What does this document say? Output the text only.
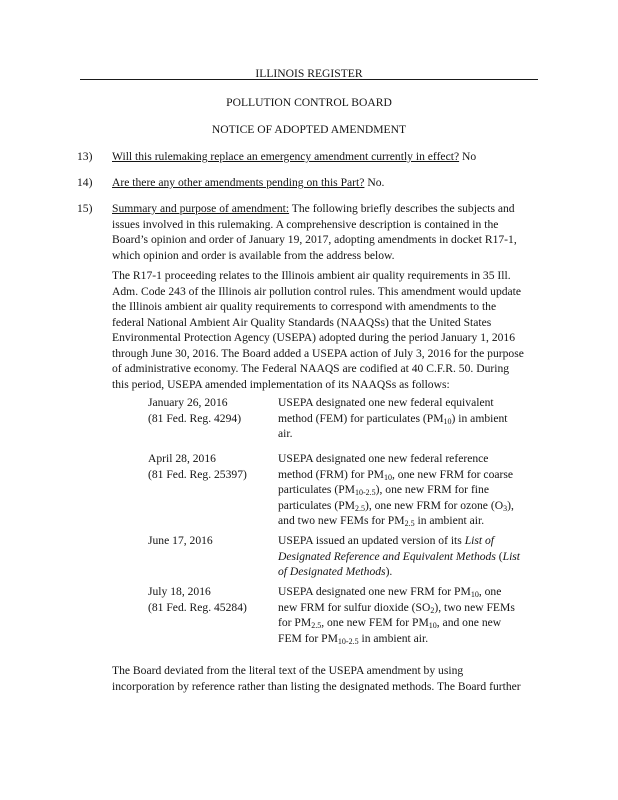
ILLINOIS REGISTER
POLLUTION CONTROL BOARD
NOTICE OF ADOPTED AMENDMENT
13) Will this rulemaking replace an emergency amendment currently in effect? No
14) Are there any other amendments pending on this Part? No.
15) Summary and purpose of amendment: The following briefly describes the subjects and
issues involved in this rulemaking. A comprehensive description is contained in the
Board’s opinion and order of January 19, 2017, adopting amendments in docket R17-1,
which opinion and order is available from the address below.
The R17-1 proceeding relates to the Illinois ambient air quality requirements in 35 Ill.
Adm. Code 243 of the Illinois air pollution control rules. This amendment would update
the Illinois ambient air quality requirements to correspond with amendments to the
federal National Ambient Air Quality Standards (NAAQSs) that the United States
Environmental Protection Agency (USEPA) adopted during the period January 1, 2016
through June 30, 2016. The Board added a USEPA action of July 3, 2016 for the purpose
of administrative economy. The Federal NAAQS are codified at 40 C.F.R. 50. During
this period, USEPA amended implementation of its NAAQSs as follows:
January 26, 2016
(81 Fed. Reg. 4294)
USEPA designated one new federal equivalent
method (FEM) for particulates $(PM_{10})$ in ambient
air.
April 28, 2016
(81 Fed. Reg. 25397)
USEPA designated one new federal reference
method (FRM) for $PM_{10}$, one new FRM for coarse
particulates $(PM_{10-2.5})$, one new FRM for fine
particulates $(PM_{2.5})$, one new FRM for ozone $(O_3)$,
and two new FEMs for $PM_{2.5}$ in ambient air.
June 17, 2016	USEPA issued an updated version of its List of
Designated Reference and Equivalent Methods (List
of Designated Methods).
July 18, 2016
(81 Fed. Reg. 45284)
USEPA designated one new FRM for $PM_{10}$, one
new FRM for sulfur dioxide $(SO_2)$, two new FEMs
for $PM_{2.5}$, one new FEM for $PM_{10}$, and one new
FEM for $PM_{10-2.5}$ in ambient air.
The Board deviated from the literal text of the USEPA amendment by using
incorporation by reference rather than listing the designated methods. The Board further
